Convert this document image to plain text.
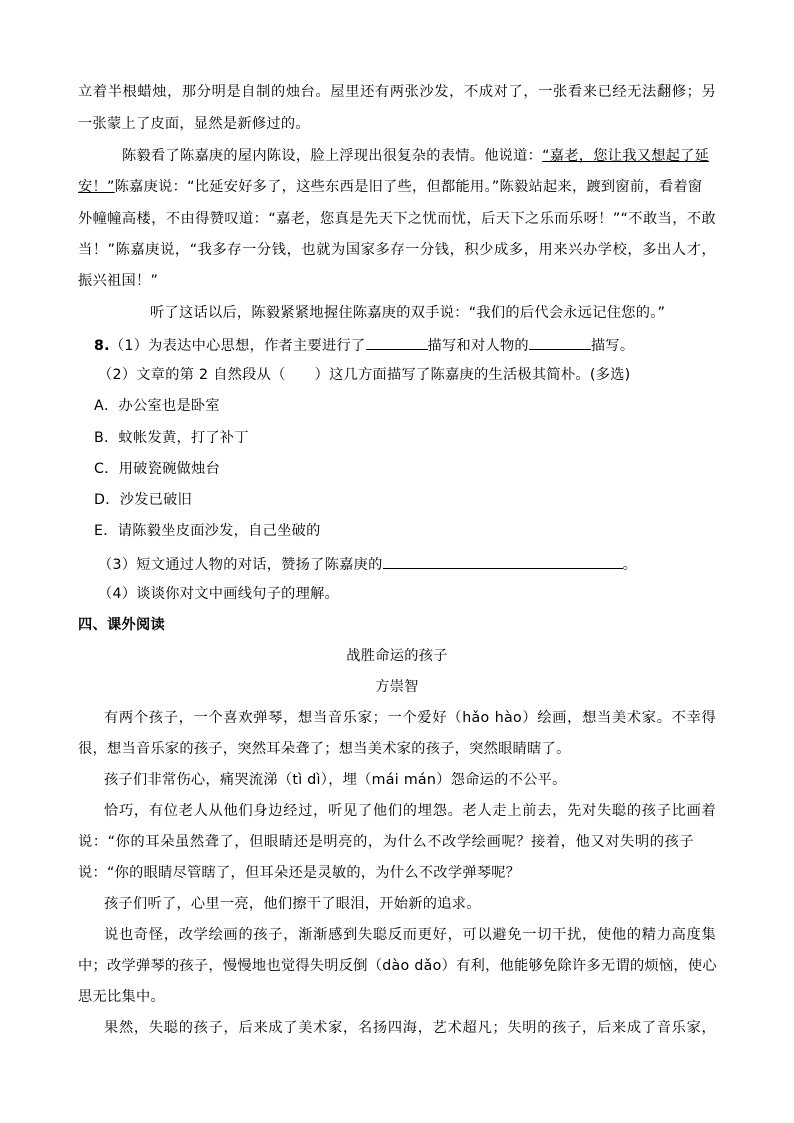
立着半根蜡烛，那分明是自制的烛台。屋里还有两张沙发，不成对了，一张看来已经无法翻修；另
一张蒙上了皮面，显然是新修过的。
陈毅看了陈嘉庚的屋内陈设，脸上浮现出很复杂的表情。他说道：“嘉老，您让我又想起了延
安！”陈嘉庚说：“比延安好多了，这些东西是旧了些，但都能用。”陈毅站起来，踱到窗前，看着窗
外幢幢高楼，不由得赞叹道：“嘉老，您真是先天下之忧而忧，后天下之乐而乐呀！”“不敢当，不敢
当！”陈嘉庚说，“我多存一分钱，也就为国家多存一分钱，积少成多，用来兴办学校，多出人才，
振兴祖国！”
听了这话以后，陈毅紧紧地握住陈嘉庚的双手说：“我们的后代会永远记住您的。”
8.（1）为表达中心思想，作者主要进行了	描写和对人物的	描写。
（2）文章的第 2 自然段从（　　）这几方面描写了陈嘉庚的生活极其简朴。(多选)
A．办公室也是卧室
B．蚊帐发黄，打了补丁
C．用破瓷碗做烛台
D．沙发已破旧
E．请陈毅坐皮面沙发，自己坐破的
（3）短文通过人物的对话，赞扬了陈嘉庚的	。
（4）谈谈你对文中画线句子的理解。
四、课外阅读
战胜命运的孩子
方崇智
有两个孩子，一个喜欢弹琴，想当音乐家；一个爱好（hǎo hào）绘画，想当美术家。不幸得
很，想当音乐家的孩子，突然耳朵聋了；想当美术家的孩子，突然眼睛瞎了。
孩子们非常伤心，痛哭流涕（tì dì），埋（mái mán）怨命运的不公平。
恰巧，有位老人从他们身边经过，听见了他们的埋怨。老人走上前去，先对失聪的孩子比画着
说：“你的耳朵虽然聋了，但眼睛还是明亮的，为什么不改学绘画呢？接着，他又对失明的孩子
说：“你的眼睛尽管瞎了，但耳朵还是灵敏的，为什么不改学弹琴呢？
孩子们听了，心里一亮，他们擦干了眼泪，开始新的追求。
说也奇怪，改学绘画的孩子，渐渐感到失聪反而更好，可以避免一切干扰，使他的精力高度集
中；改学弹琴的孩子，慢慢地也觉得失明反倒（dào dǎo）有利，他能够免除许多无谓的烦恼，使心
思无比集中。
果然，失聪的孩子，后来成了美术家，名扬四海，艺术超凡；失明的孩子，后来成了音乐家，
